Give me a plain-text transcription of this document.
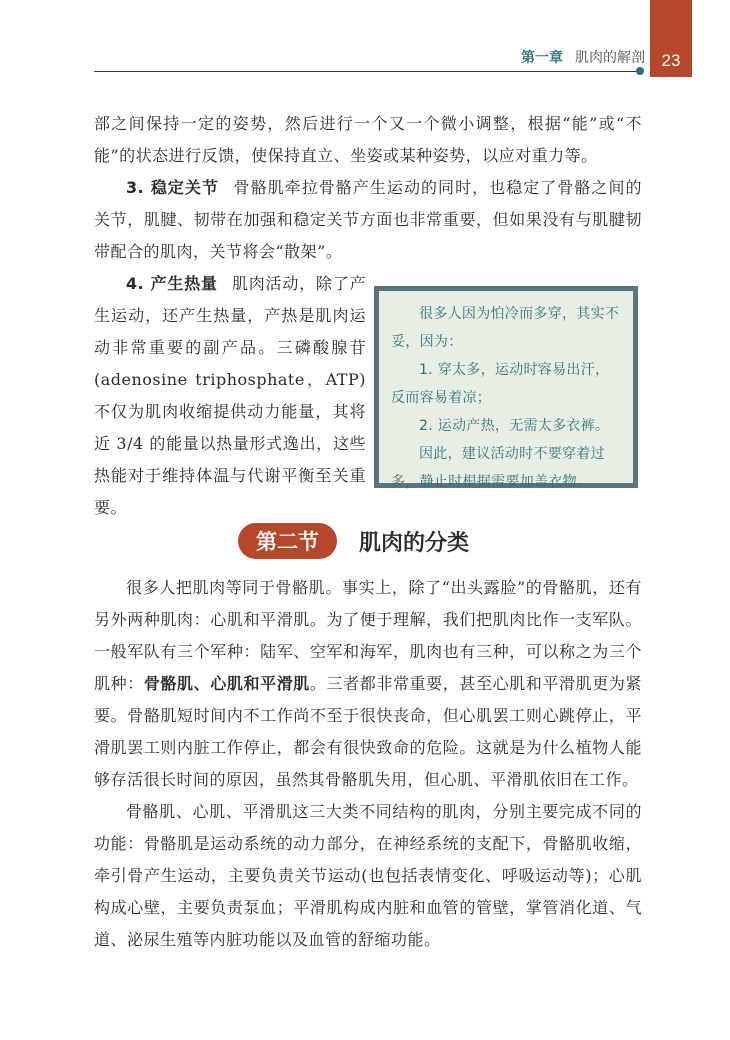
23
第一章 肌肉的解剖

部之间保持一定的姿势，然后进行一个又一个微小调整，根据“能”或“不能”的状态进行反馈，使保持直立、坐姿或某种姿势，以应对重力等。

3. 稳定关节 骨骼肌牵拉骨骼产生运动的同时，也稳定了骨骼之间的关节，肌腱、韧带在加强和稳定关节方面也非常重要，但如果没有与肌腱韧带配合的肌肉，关节将会“散架”。

4. 产生热量 肌肉活动，除了产生运动，还产生热量，产热是肌肉运动非常重要的副产品。三磷酸腺苷(adenosine triphosphate，ATP)不仅为肌肉收缩提供动力能量，其将近 3/4 的能量以热量形式逸出，这些热能对于维持体温与代谢平衡至关重要。

很多人因为怕冷而多穿，其实不妥，因为：

1. 穿太多，运动时容易出汗，反而容易着凉；

2. 运动产热，无需太多衣裤。

因此，建议活动时不要穿着过多，静止时根据需要加盖衣物。

第二节	肌肉的分类

很多人把肌肉等同于骨骼肌。事实上，除了“出头露脸”的骨骼肌，还有另外两种肌肉：心肌和平滑肌。为了便于理解，我们把肌肉比作一支军队。一般军队有三个军种：陆军、空军和海军，肌肉也有三种，可以称之为三个肌种：骨骼肌、心肌和平滑肌。三者都非常重要，甚至心肌和平滑肌更为紧要。骨骼肌短时间内不工作尚不至于很快丧命，但心肌罢工则心跳停止，平滑肌罢工则内脏工作停止，都会有很快致命的危险。这就是为什么植物人能够存活很长时间的原因，虽然其骨骼肌失用，但心肌、平滑肌依旧在工作。

骨骼肌、心肌、平滑肌这三大类不同结构的肌肉，分别主要完成不同的功能：骨骼肌是运动系统的动力部分，在神经系统的支配下，骨骼肌收缩，牵引骨产生运动，主要负责关节运动(也包括表情变化、呼吸运动等)；心肌构成心壁，主要负责泵血；平滑肌构成内脏和血管的管壁，掌管消化道、气道、泌尿生殖等内脏功能以及血管的舒缩功能。
